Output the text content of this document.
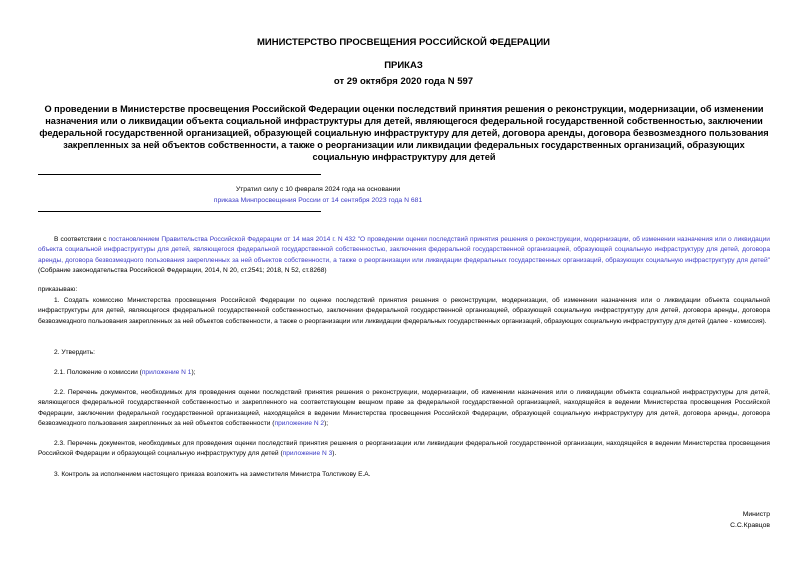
МИНИСТЕРСТВО ПРОСВЕЩЕНИЯ РОССИЙСКОЙ ФЕДЕРАЦИИ
ПРИКАЗ
от 29 октября 2020 года N 597
О проведении в Министерстве просвещения Российской Федерации оценки последствий принятия решения о реконструкции, модернизации, об изменении назначения или о ликвидации объекта социальной инфраструктуры для детей, являющегося федеральной государственной собственностью, заключении федеральной государственной организацией, образующей социальную инфраструктуру для детей, договора аренды, договора безвозмездного пользования закрепленных за ней объектов собственности, а также о реорганизации или ликвидации федеральных государственных организаций, образующих социальную инфраструктуру для детей
Утратил силу с 10 февраля 2024 года на основании
приказа Минпросвещения России от 14 сентября 2023 года N 681
В соответствии с постановлением Правительства Российской Федерации от 14 мая 2014 г. N 432 "О проведении оценки последствий принятия решения о реконструкции, модернизации, об изменении назначения или о ликвидации объекта социальной инфраструктуры для детей, являющегося федеральной государственной собственностью, заключения федеральной государственной организацией, образующей социальную инфраструктуру для детей, договора аренды, договора безвозмездного пользования закрепленных за ней объектов собственности, а также о реорганизации или ликвидации федеральных государственных организаций, образующих социальную инфраструктуру для детей" (Собрание законодательства Российской Федерации, 2014, N 20, ст.2541; 2018, N 52, ст.8268)
приказываю:
1. Создать комиссию Министерства просвещения Российской Федерации по оценке последствий принятия решения о реконструкции, модернизации, об изменении назначения или о ликвидации объекта социальной инфраструктуры для детей, являющегося федеральной государственной собственностью, заключении федеральной государственной организацией, образующей социальную инфраструктуру для детей, договора аренды, договора безвозмездного пользования закрепленных за ней объектов собственности, а также о реорганизации или ликвидации федеральных государственных организаций, образующих социальную инфраструктуру для детей (далее - комиссия).
2. Утвердить:
2.1. Положение о комиссии (приложение N 1);
2.2. Перечень документов, необходимых для проведения оценки последствий принятия решения о реконструкции, модернизации, об изменении назначения или о ликвидации объекта социальной инфраструктуры для детей, являющегося федеральной государственной собственностью и закрепленного на соответствующем вещном праве за федеральной государственной организацией, находящейся в ведении Министерства просвещения Российской Федерации, заключении федеральной государственной организацией, находящейся в ведении Министерства просвещения Российской Федерации, образующей социальную инфраструктуру для детей, договора аренды, договора безвозмездного пользования закрепленных за ней объектов собственности (приложение N 2);
2.3. Перечень документов, необходимых для проведения оценки последствий принятия решения о реорганизации или ликвидации федеральной государственной организации, находящейся в ведении Министерства просвещения Российской Федерации и образующей социальную инфраструктуру для детей (приложение N 3).
3. Контроль за исполнением настоящего приказа возложить на заместителя Министра Толстикову Е.А.
Министр
С.С.Кравцов
